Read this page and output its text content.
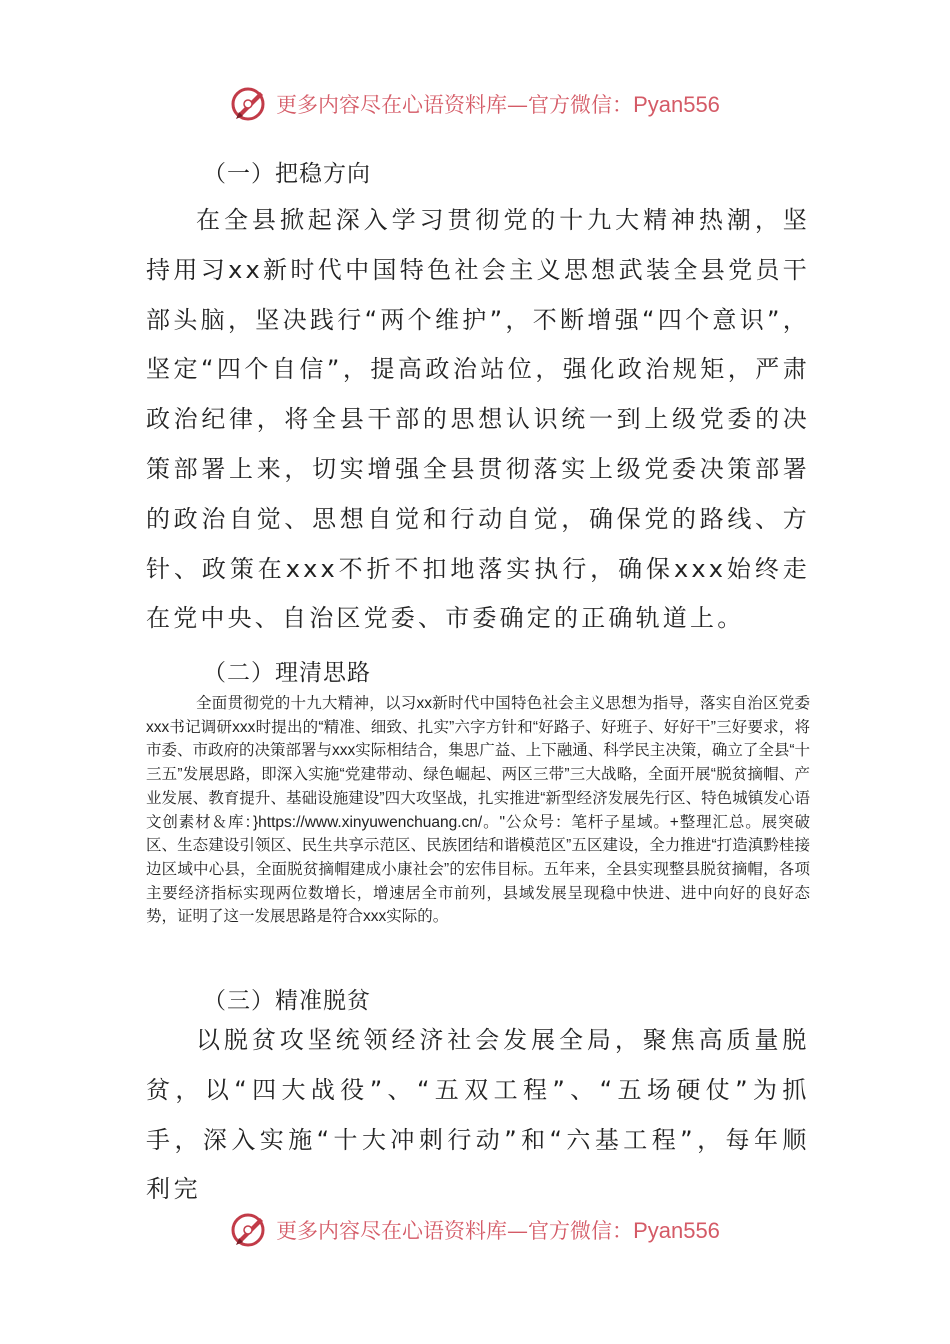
更多内容尽在心语资料库—官方微信：Pyan556
（一）把稳方向

在全县掀起深入学习贯彻党的十九大精神热潮，坚持用习xx新时代中国特色社会主义思想武装全县党员干部头脑，坚决践行“两个维护”，不断增强“四个意识”，坚定“四个自信”，提高政治站位，强化政治规矩，严肃政治纪律，将全县干部的思想认识统一到上级党委的决策部署上来，切实增强全县贯彻落实上级党委决策部署的政治自觉、思想自觉和行动自觉，确保党的路线、方针、政策在xxx不折不扣地落实执行，确保xxx始终走在党中央、自治区党委、市委确定的正确轨道上。

（二）理清思路

全面贯彻党的十九大精神，以习xx新时代中国特色社会主义思想为指导，落实自治区党委xxx书记调研xxx时提出的“精准、细致、扎实”六字方针和“好路子、好班子、好好干”三好要求，将市委、市政府的决策部署与xxx实际相结合，集思广益、上下融通、科学民主决策，确立了全县“十三五”发展思路，即深入实施“党建带动、绿色崛起、两区三带”三大战略，全面开展“脱贫摘帽、产业发展、教育提升、基础设施建设”四大攻坚战，扎实推进“新型经济发展先行区、特色城镇发心语文创素材＆库：}https://www.xinyuwenchuang.cn/。"公众号：笔杆子星域。+整理汇总。展突破区、生态建设引领区、民生共享示范区、民族团结和谐模范区”五区建设，全力推进“打造滇黔桂接边区域中心县，全面脱贫摘帽建成小康社会”的宏伟目标。五年来，全县实现整县脱贫摘帽，各项主要经济指标实现两位数增长，增速居全市前列，县域发展呈现稳中快进、进中向好的良好态势，证明了这一发展思路是符合xxx实际的。

（三）精准脱贫

以脱贫攻坚统领经济社会发展全局，聚焦高质量脱贫，以“四大战役”、“五双工程”、“五场硬仗”为抓手，深入实施“十大冲刺行动”和“六基工程”，每年顺利完

更多内容尽在心语资料库—官方微信：Pyan556
